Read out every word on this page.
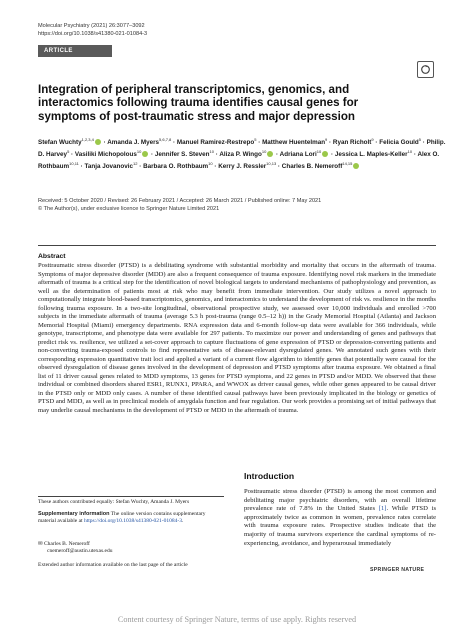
Molecular Psychiatry (2021) 26:3077–3092
https://doi.org/10.1038/s41380-021-01084-3
ARTICLE
Integration of peripheral transcriptomics, genomics, and interactomics following trauma identifies causal genes for symptoms of post-traumatic stress and major depression
Stefan Wuchty$^{1,2,3,4}$ · Amanda J. Myers$^{5,6,7,8}$ · Manuel Ramirez-Restrepo$^5$ · Matthew Huentelman$^9$ · Ryan Richolt$^9$ · Felicia Gould$^5$ · Philip. D. Harvey$^5$ · Vasiliki Michopolous$^{10}$ · Jennifer S. Steven$^{10}$ · Aliza P. Wingo$^{10}$ · Adriana Lori$^{10}$ · Jessica L. Maples-Keller$^{10}$ · Alex O. Rothbaum$^{10,11}$ · Tanja Jovanovic$^{12}$ · Barbara O. Rothbaum$^{10}$ · Kerry J. Ressler$^{10,13}$ · Charles B. Nemeroff$^{14,15}$
Received: 5 October 2020 / Revised: 26 February 2021 / Accepted: 26 March 2021 / Published online: 7 May 2021
© The Author(s), under exclusive licence to Springer Nature Limited 2021
Abstract

Posttraumatic stress disorder (PTSD) is a debilitating syndrome with substantial morbidity and mortality that occurs in the aftermath of trauma. Symptoms of major depressive disorder (MDD) are also a frequent consequence of trauma exposure. Identifying novel risk markers in the immediate aftermath of trauma is a critical step for the identification of novel biological targets to understand mechanisms of pathophysiology and prevention, as well as the determination of patients most at risk who may benefit from immediate intervention. Our study utilizes a novel approach to computationally integrate blood-based transcriptomics, genomics, and interactomics to understand the development of risk vs. resilience in the months following trauma exposure. In a two-site longitudinal, observational prospective study, we assessed over 10,000 individuals and enrolled >700 subjects in the immediate aftermath of trauma (average 5.3 h post-trauma (range 0.5–12 h)) in the Grady Memorial Hospital (Atlanta) and Jackson Memorial Hospital (Miami) emergency departments. RNA expression data and 6-month follow-up data were available for 366 individuals, while genotype, transcriptome, and phenotype data were available for 297 patients. To maximize our power and understanding of genes and pathways that predict risk vs. resilience, we utilized a set-cover approach to capture fluctuations of gene expression of PTSD or depression-converting patients and non-converting trauma-exposed controls to find representative sets of disease-relevant dysregulated genes. We annotated such genes with their corresponding expression quantitative trait loci and applied a variant of a current flow algorithm to identify genes that potentially were causal for the observed dysregulation of disease genes involved in the development of depression and PTSD symptoms after trauma exposure. We obtained a final list of 11 driver causal genes related to MDD symptoms, 13 genes for PTSD symptoms, and 22 genes in PTSD and/or MDD. We observed that these individual or combined disorders shared ESR1, RUNX1, PPARA, and WWOX as driver causal genes, while other genes appeared to be causal driver in the PTSD only or MDD only cases. A number of these identified causal pathways have been previously implicated in the biology or genetics of PTSD and MDD, as well as in preclinical models of amygdala function and fear regulation. Our work provides a promising set of initial pathways that may underlie causal mechanisms in the development of PTSD or MDD in the aftermath of trauma.

These authors contributed equally: Stefan Wuchty, Amanda J. Myers
Supplementary information The online version contains supplementary material available at https://doi.org/10.1038/s41380-021-01084-3.
✉ Charles B. Nemeroff
cnemeroff@austin.utexas.edu
Extended author information available on the last page of the article
Introduction

Posttraumatic stress disorder (PTSD) is among the most common and debilitating major psychiatric disorders, with an overall lifetime prevalence rate of 7.8% in the United States [1]. While PTSD is approximately twice as common in women, prevalence rates correlate with trauma exposure rates. Prospective studies indicate that the majority of trauma survivors experience the cardinal symptoms of re-experiencing, avoidance, and hyperarousal immediately

SPRINGER NATURE
Content courtesy of Springer Nature, terms of use apply. Rights reserved
